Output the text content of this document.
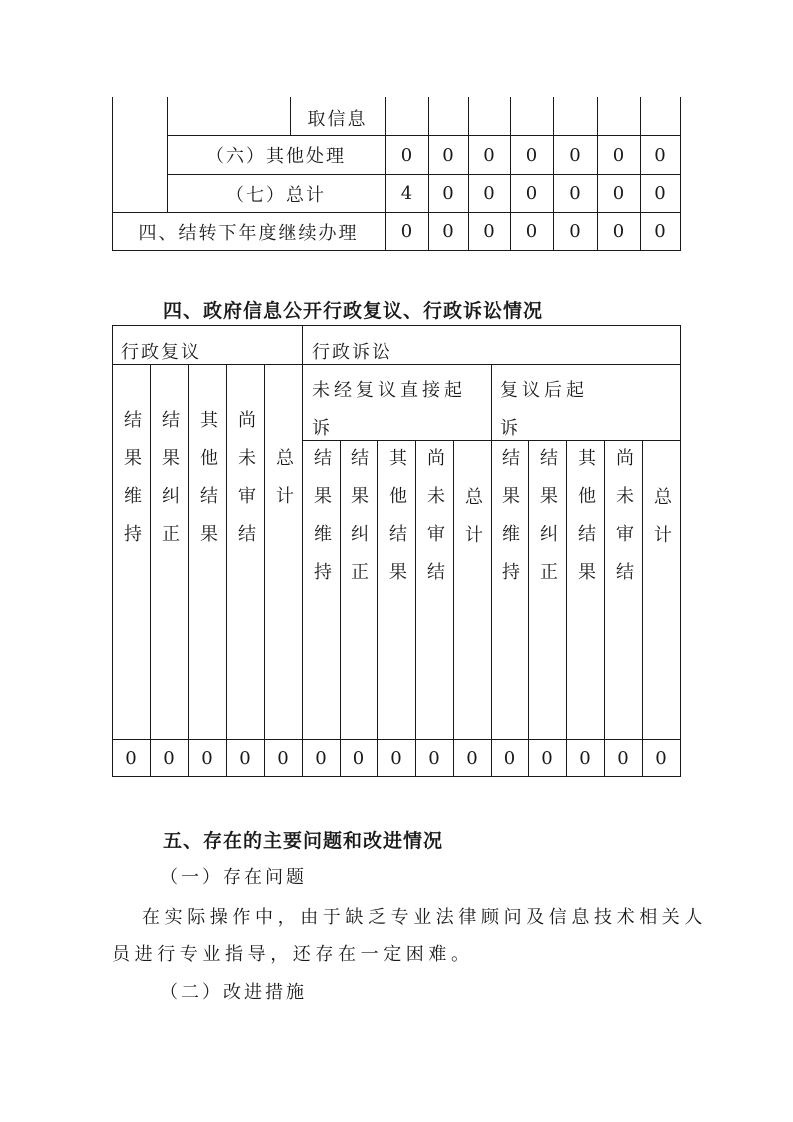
取信息
（六）其他处理	0	0	0	0	0	0	0
（七）总计	4	0	0	0	0	0	0
四、结转下年度继续办理	0	0	0	0	0	0	0
四、政府信息公开行政复议、行政诉讼情况
行政复议	行政诉讼
未经复议直接起
诉
复议后起
诉
结果维持 结果纠正 其他结果 尚未审结 总计 结果维持 结果纠正 其他结果 尚未审结 总计 结果维持 结果纠正 其他结果 尚未审结 总计
0	0	0	0	0	0	0	0	0	0	0	0	0	0	0
五、存在的主要问题和改进情况
（一）存在问题
在实际操作中，由于缺乏专业法律顾问及信息技术相关人
员进行专业指导，还存在一定困难。
（二）改进措施
